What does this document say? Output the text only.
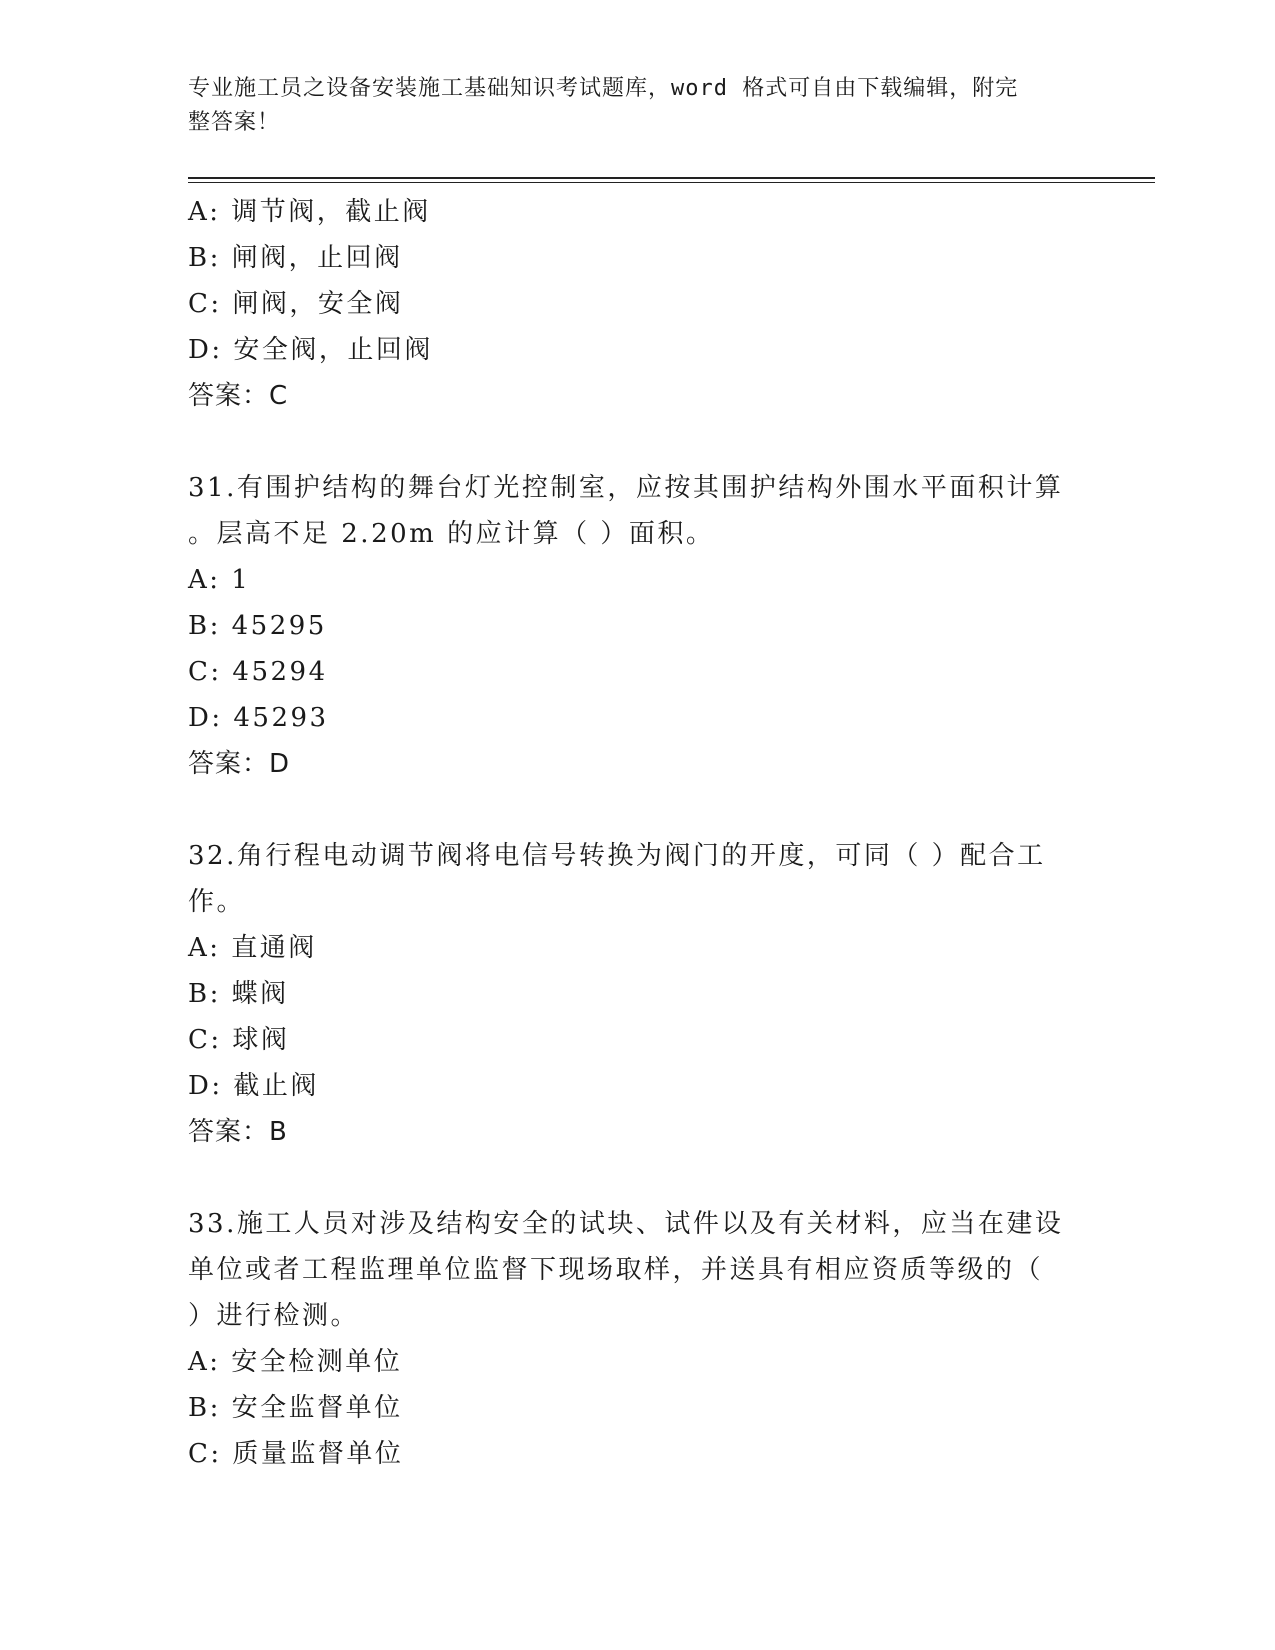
专业施工员之设备安装施工基础知识考试题库，word 格式可自由下载编辑，附完
整答案！
A: 调节阀，截止阀
B: 闸阀，止回阀
C: 闸阀，安全阀
D: 安全阀，止回阀
答案：C
31.有围护结构的舞台灯光控制室，应按其围护结构外围水平面积计算
。层高不足 2.20m 的应计算（ ）面积。
A: 1
B: 45295
C: 45294
D: 45293
答案：D
32.角行程电动调节阀将电信号转换为阀门的开度，可同（ ）配合工
作。
A: 直通阀
B: 蝶阀
C: 球阀
D: 截止阀
答案：B
33.施工人员对涉及结构安全的试块、试件以及有关材料，应当在建设
单位或者工程监理单位监督下现场取样，并送具有相应资质等级的（
）进行检测。
A: 安全检测单位
B: 安全监督单位
C: 质量监督单位
